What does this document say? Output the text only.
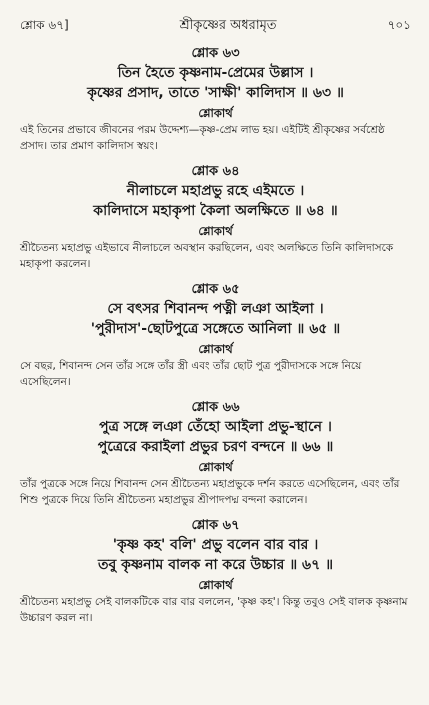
শ্লোক ৬৭]	শ্রীকৃষ্ণের অধরামৃত	৭০১
শ্লোক ৬৩
তিন হৈতে কৃষ্ণনাম-প্রেমের উল্লাস ।
কৃষ্ণের প্রসাদ, তাতে 'সাক্ষী' কালিদাস ॥ ৬৩ ॥
শ্লোকার্থ
এই তিনের প্রভাবে জীবনের পরম উদ্দেশ্য—কৃষ্ণ-প্রেম লাভ হয়। এইটিই শ্রীকৃষ্ণের সর্বশ্রেষ্ঠ প্রসাদ। তার প্রমাণ কালিদাস স্বয়ং।
শ্লোক ৬৪
নীলাচলে মহাপ্রভু রহে এইমতে ।
কালিদাসে মহাকৃপা কৈলা অলক্ষিতে ॥ ৬৪ ॥
শ্লোকার্থ
শ্রীচৈতন্য মহাপ্রভু এইভাবে নীলাচলে অবস্থান করছিলেন, এবং অলক্ষিতে তিনি কালিদাসকে মহাকৃপা করলেন।
শ্লোক ৬৫
সে বৎসর শিবানন্দ পত্নী লঞা আইলা ।
'পুরীদাস'-ছোটপুত্রে সঙ্গেতে আনিলা ॥ ৬৫ ॥
শ্লোকার্থ
সে বছর, শিবানন্দ সেন তাঁর সঙ্গে তাঁর স্ত্রী এবং তাঁর ছোট পুত্র পুরীদাসকে সঙ্গে নিয়ে এসেছিলেন।
শ্লোক ৬৬
পুত্র সঙ্গে লঞা তেঁহো আইলা প্রভু-স্থানে ।
পুত্রেরে করাইলা প্রভুর চরণ বন্দনে ॥ ৬৬ ॥
শ্লোকার্থ
তাঁর পুত্রকে সঙ্গে নিয়ে শিবানন্দ সেন শ্রীচৈতন্য মহাপ্রভুকে দর্শন করতে এসেছিলেন, এবং তাঁর শিশু পুত্রকে দিয়ে তিনি শ্রীচৈতন্য মহাপ্রভুর শ্রীপাদপদ্ম বন্দনা করালেন।
শ্লোক ৬৭
'কৃষ্ণ কহ' বলি' প্রভু বলেন বার বার ।
তবু কৃষ্ণনাম বালক না করে উচ্চার ॥ ৬৭ ॥
শ্লোকার্থ
শ্রীচৈতন্য মহাপ্রভু সেই বালকটিকে বার বার বললেন, 'কৃষ্ণ কহ'। কিন্তু তবুও সেই বালক কৃষ্ণনাম উচ্চারণ করল না।
